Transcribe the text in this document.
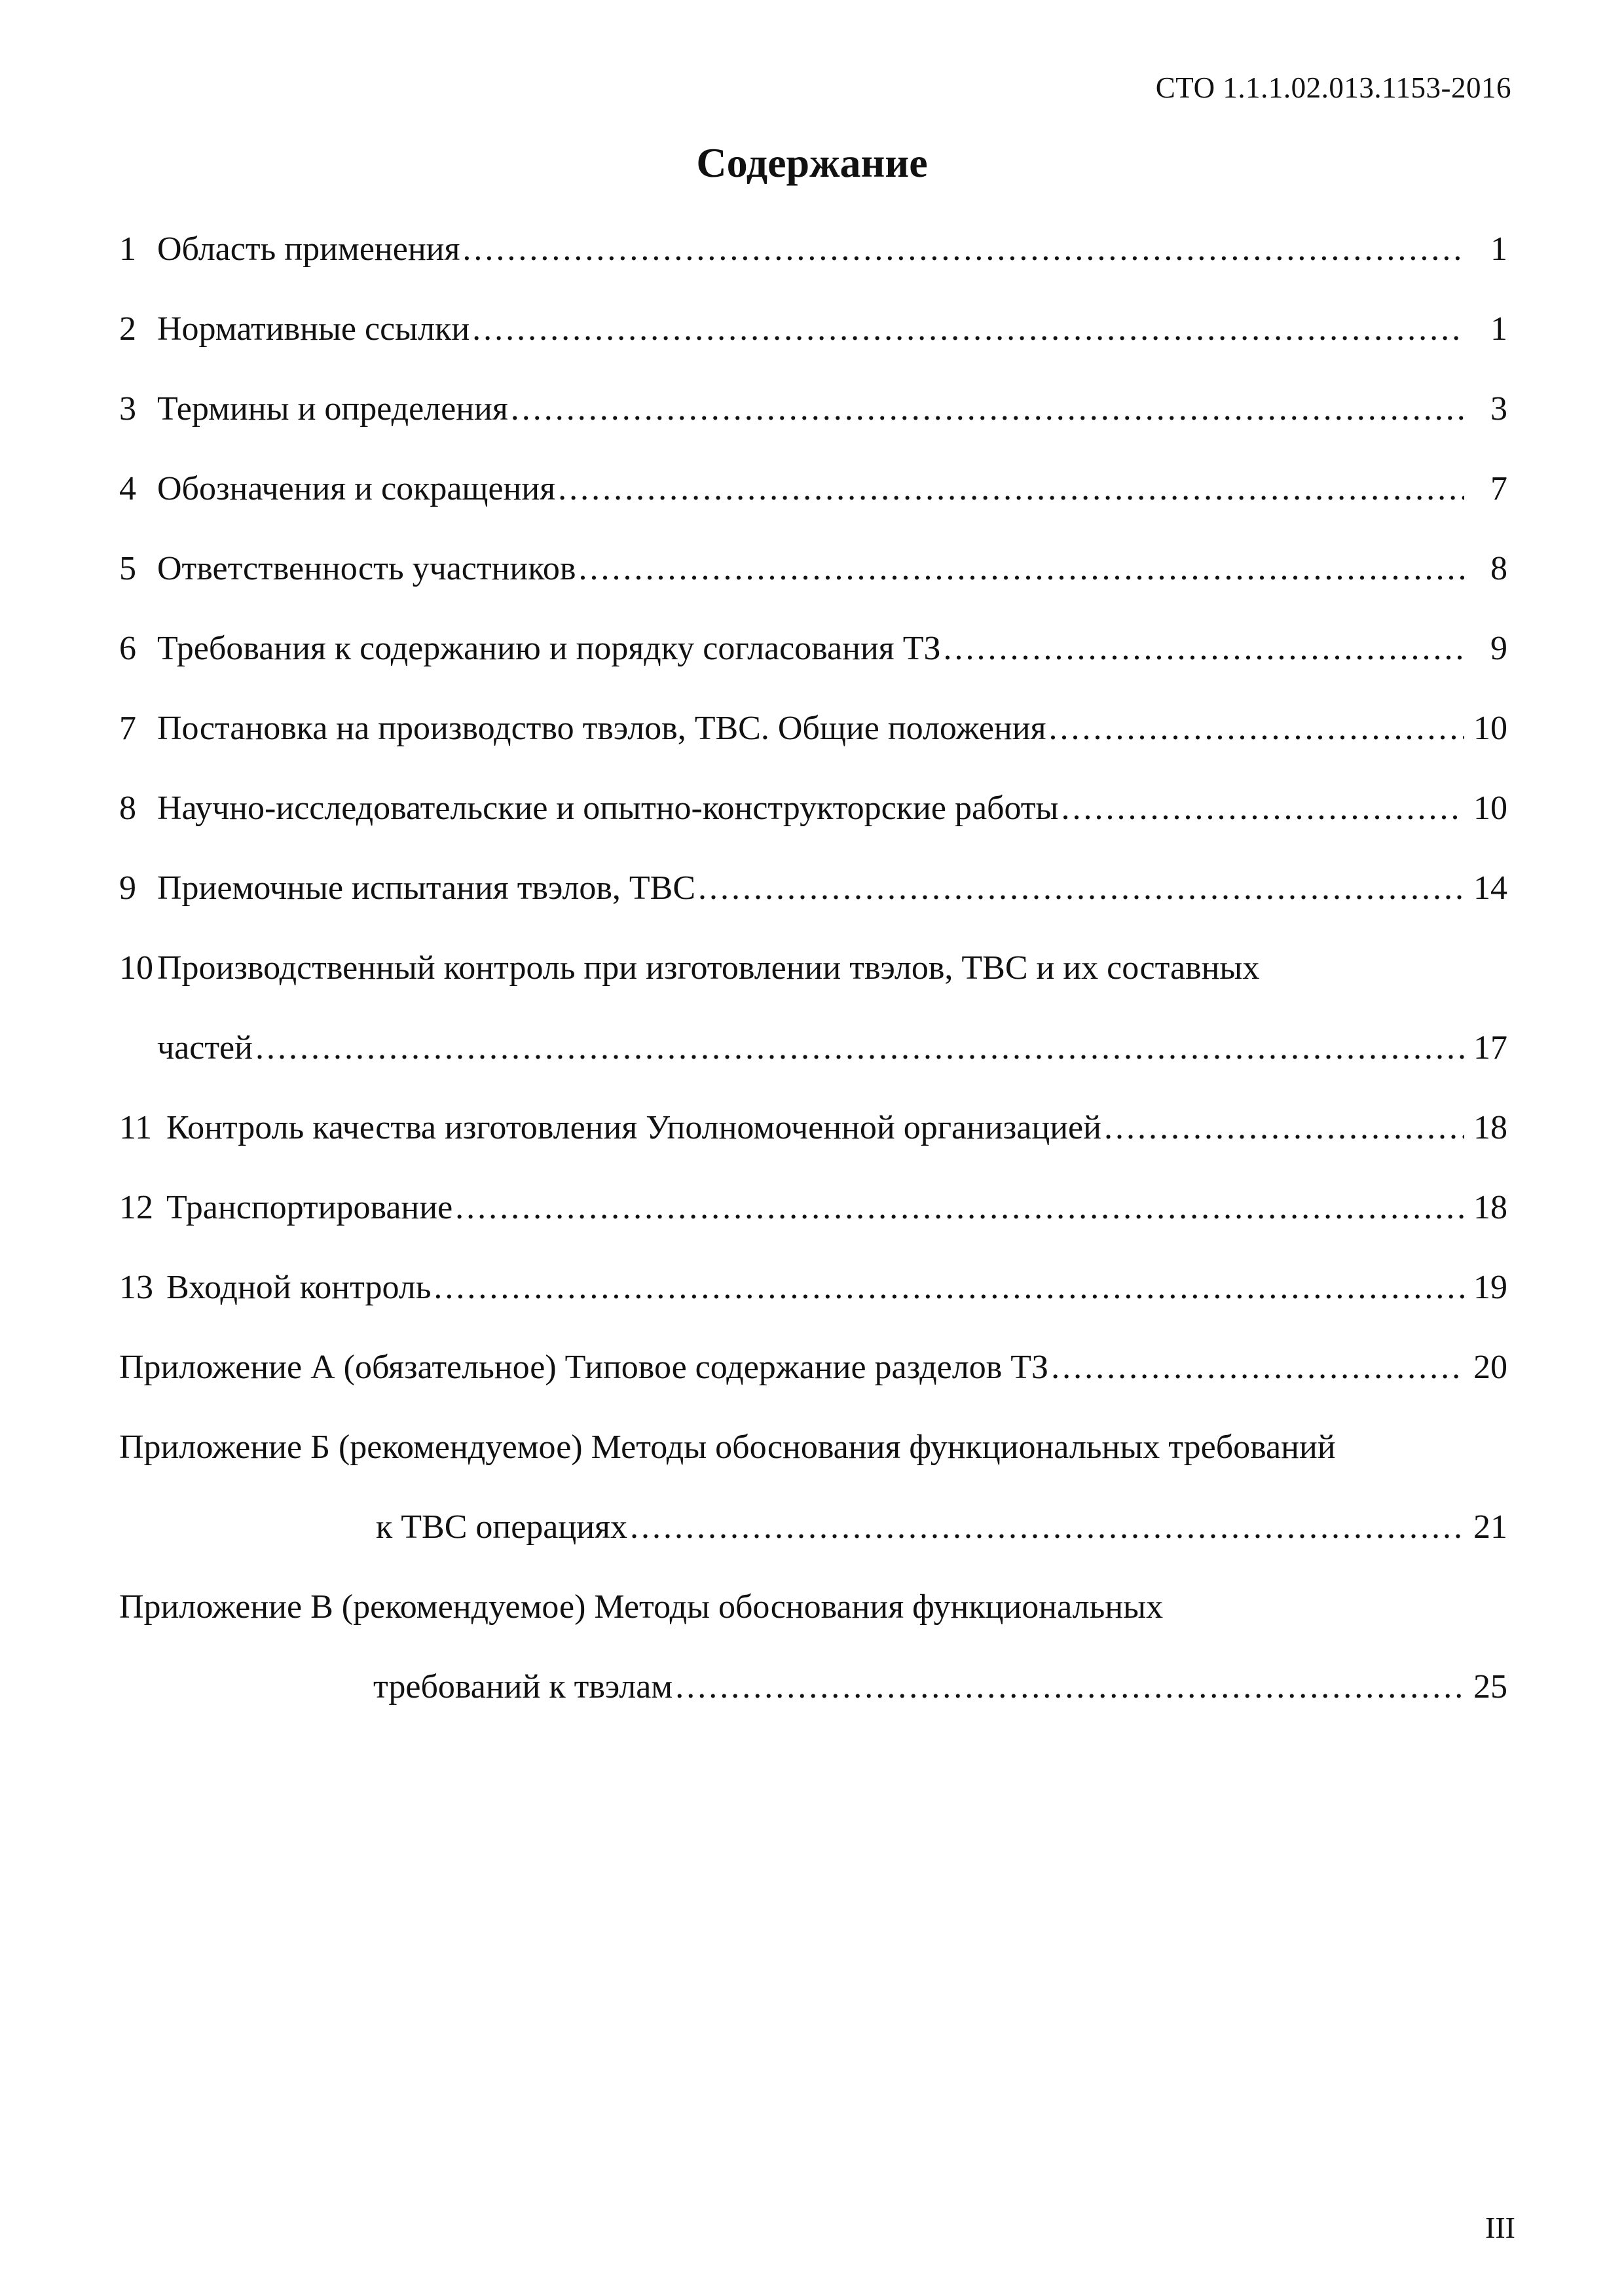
СТО 1.1.1.02.013.1153-2016
Содержание
1 Область применения .....	1
2 Нормативные ссылки .....	1
3 Термины и определения .....	3
4 Обозначения и сокращения .....	7
5 Ответственность участников .....	8
6 Требования к содержанию и порядку согласования ТЗ .....	9
7 Постановка на производство твэлов, ТВС. Общие положения .....	10
8 Научно-исследовательские и опытно-конструкторские работы .....	10
9 Приемочные испытания твэлов, ТВС .....	14
10 Производственный контроль при изготовлении твэлов, ТВС и их составных
частей .....	17
11 Контроль качества изготовления Уполномоченной организацией .....	18
12 Транспортирование .....	18
13 Входной контроль .....	19
Приложение А (обязательное) Типовое содержание разделов ТЗ .....	20
Приложение Б (рекомендуемое) Методы обоснования функциональных требований
к ТВС операциях .....	21
Приложение В (рекомендуемое) Методы обоснования функциональных
требований к твэлам .....	25
III
